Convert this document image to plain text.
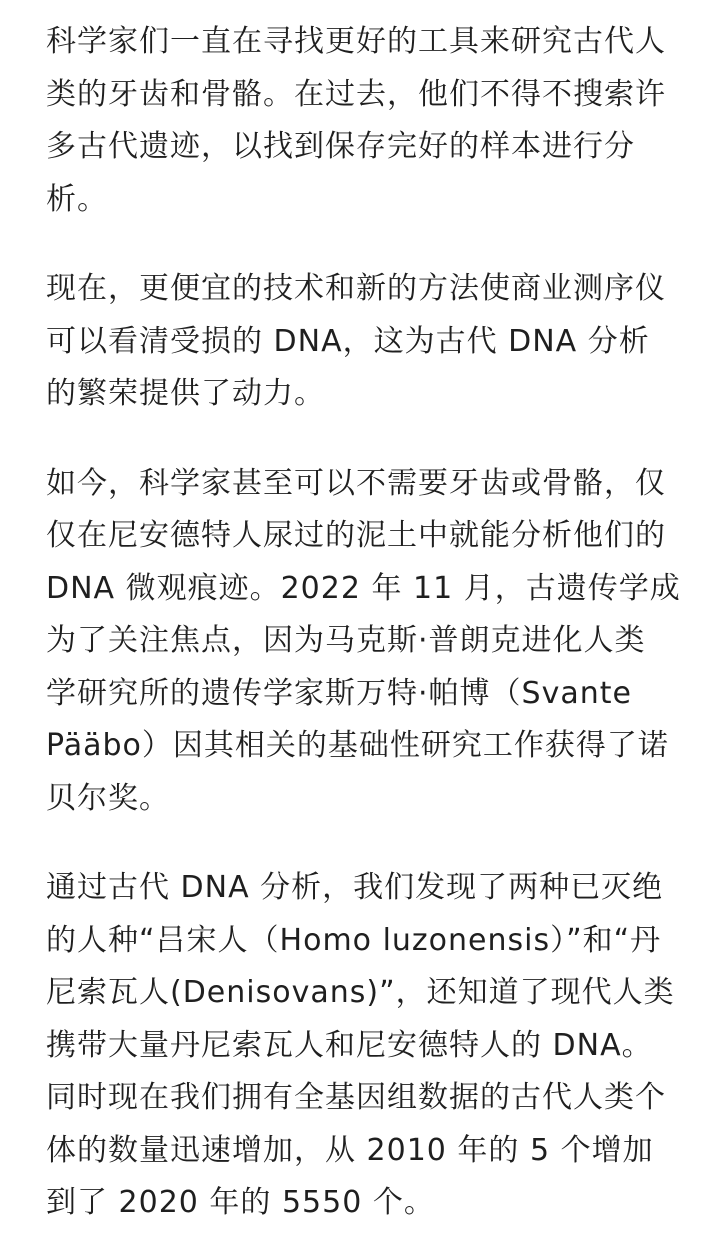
科学家们一直在寻找更好的工具来研究古代人
类的牙齿和骨骼。在过去，他们不得不搜索许
多古代遗迹，以找到保存完好的样本进行分
析。

现在，更便宜的技术和新的方法使商业测序仪
可以看清受损的 DNA，这为古代 DNA 分析
的繁荣提供了动力。

如今，科学家甚至可以不需要牙齿或骨骼，仅
仅在尼安德特人尿过的泥土中就能分析他们的
DNA 微观痕迹。2022 年 11 月，古遗传学成
为了关注焦点，因为马克斯·普朗克进化人类
学研究所的遗传学家斯万特·帕博（Svante
Pääbo）因其相关的基础性研究工作获得了诺
贝尔奖。

通过古代 DNA 分析，我们发现了两种已灭绝
的人种“吕宋人（Homo luzonensis）”和“丹
尼索瓦人(Denisovans)”，还知道了现代人类
携带大量丹尼索瓦人和尼安德特人的 DNA。
同时现在我们拥有全基因组数据的古代人类个
体的数量迅速增加，从 2010 年的 5 个增加
到了 2020 年的 5550 个。
